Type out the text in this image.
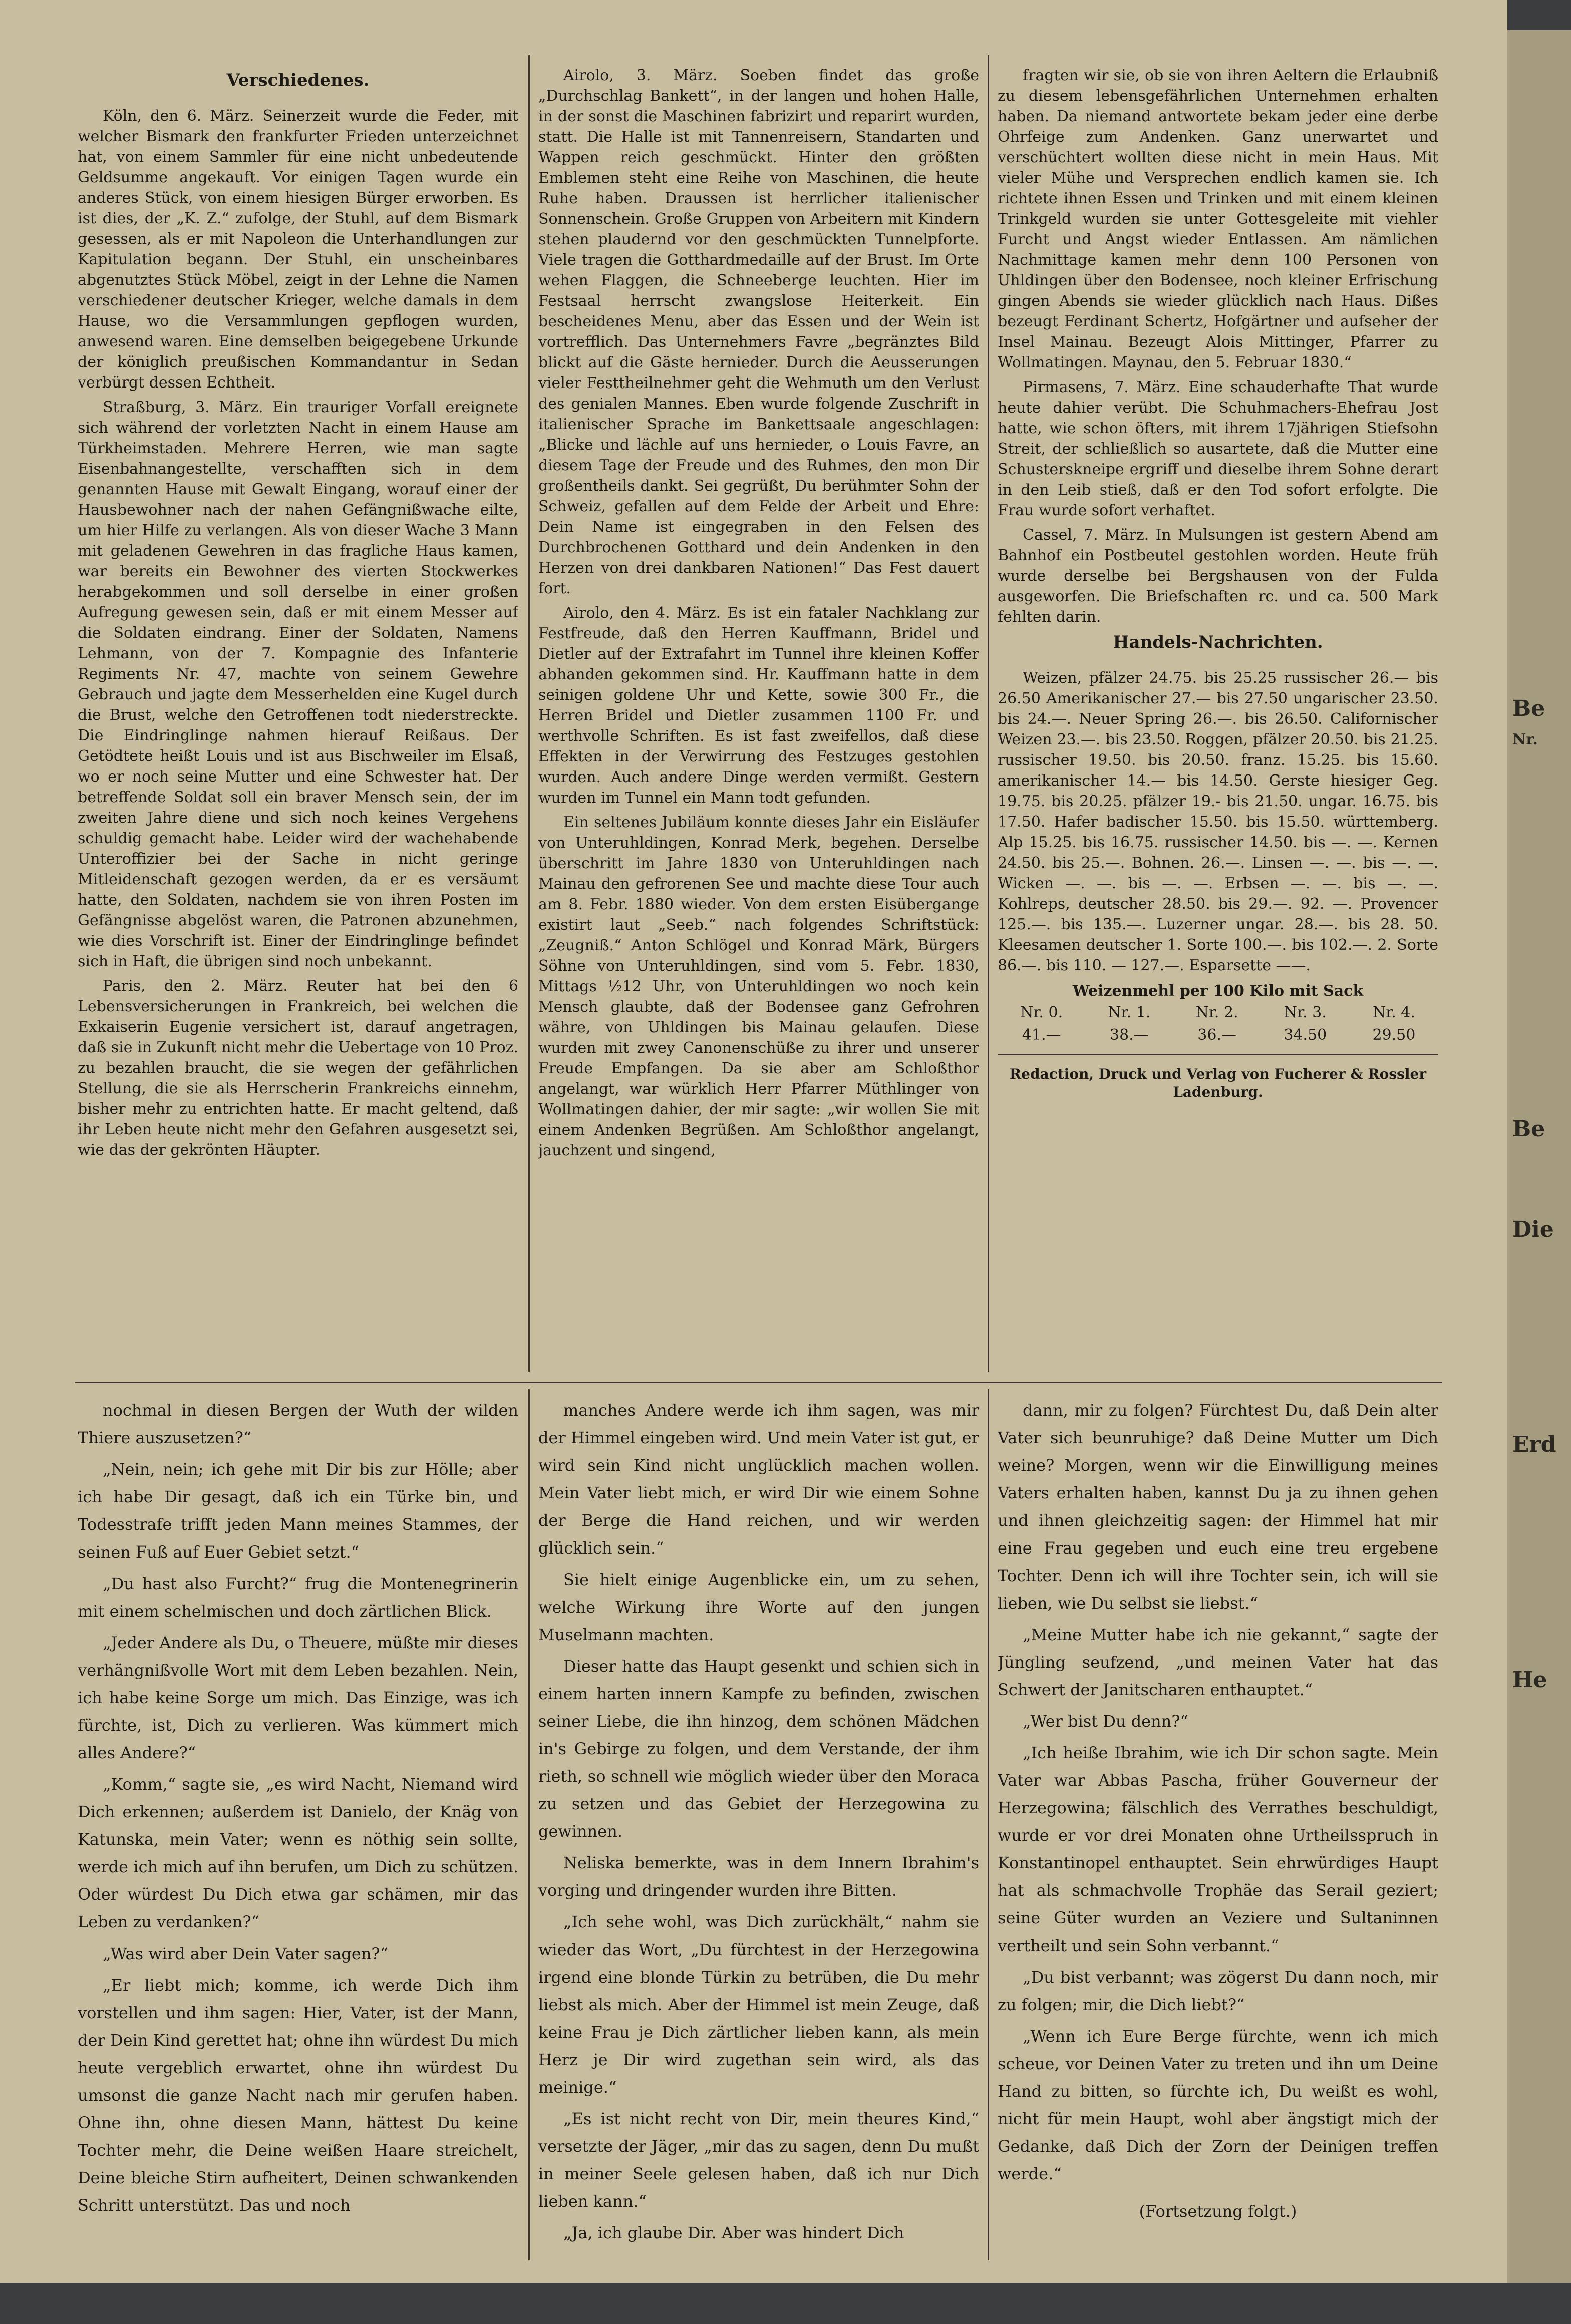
Verschiedenes.

Köln, den 6. März. Seinerzeit wurde die Feder, mit welcher Bismark den frankfurter Frieden unterzeichnet hat, von einem Sammler für eine nicht unbedeutende Geldsumme angekauft. Vor einigen Tagen wurde ein anderes Stück, von einem hiesigen Bürger erworben. Es ist dies, der „K. Z.“ zufolge, der Stuhl, auf dem Bismark gesessen, als er mit Napoleon die Unterhandlungen zur Kapitulation begann. Der Stuhl, ein unscheinbares abgenutztes Stück Möbel, zeigt in der Lehne die Namen verschiedener deutscher Krieger, welche damals in dem Hause, wo die Versammlungen gepflogen wurden, anwesend waren. Eine demselben beigegebene Urkunde der königlich preußischen Kommandantur in Sedan verbürgt dessen Echtheit.

Straßburg, 3. März. Ein trauriger Vorfall ereignete sich während der vorletzten Nacht in einem Hause am Türkheimstaden. Mehrere Herren, wie man sagte Eisenbahnangestellte, verschafften sich in dem genannten Hause mit Gewalt Eingang, worauf einer der Hausbewohner nach der nahen Gefängnißwache eilte, um hier Hilfe zu verlangen. Als von dieser Wache 3 Mann mit geladenen Gewehren in das fragliche Haus kamen, war bereits ein Bewohner des vierten Stockwerkes herabgekommen und soll derselbe in einer großen Aufregung gewesen sein, daß er mit einem Messer auf die Soldaten eindrang. Einer der Soldaten, Namens Lehmann, von der 7. Kompagnie des Infanterie Regiments Nr. 47, machte von seinem Gewehre Gebrauch und jagte dem Messerhelden eine Kugel durch die Brust, welche den Getroffenen todt niederstreckte. Die Eindringlinge nahmen hierauf Reißaus. Der Getödtete heißt Louis und ist aus Bischweiler im Elsaß, wo er noch seine Mutter und eine Schwester hat. Der betreffende Soldat soll ein braver Mensch sein, der im zweiten Jahre diene und sich noch keines Vergehens schuldig gemacht habe. Leider wird der wachehabende Unteroffizier bei der Sache in nicht geringe Mitleidenschaft gezogen werden, da er es versäumt hatte, den Soldaten, nachdem sie von ihren Posten im Gefängnisse abgelöst waren, die Patronen abzunehmen, wie dies Vorschrift ist. Einer der Eindringlinge befindet sich in Haft, die übrigen sind noch unbekannt.

Paris, den 2. März. Reuter hat bei den 6 Lebensversicherungen in Frankreich, bei welchen die Exkaiserin Eugenie versichert ist, darauf angetragen, daß sie in Zukunft nicht mehr die Uebertage von 10 Proz. zu bezahlen braucht, die sie wegen der gefährlichen Stellung, die sie als Herrscherin Frankreichs einnehm, bisher mehr zu entrichten hatte. Er macht geltend, daß ihr Leben heute nicht mehr den Gefahren ausgesetzt sei, wie das der gekrönten Häupter.

Airolo, 3. März. Soeben findet das große „Durchschlag Bankett“, in der langen und hohen Halle, in der sonst die Maschinen fabrizirt und reparirt wurden, statt. Die Halle ist mit Tannenreisern, Standarten und Wappen reich geschmückt. Hinter den größten Emblemen steht eine Reihe von Maschinen, die heute Ruhe haben. Draussen ist herrlicher italienischer Sonnenschein. Große Gruppen von Arbeitern mit Kindern stehen plaudernd vor den geschmückten Tunnelpforte. Viele tragen die Gotthardmedaille auf der Brust. Im Orte wehen Flaggen, die Schneeberge leuchten. Hier im Festsaal herrscht zwangslose Heiterkeit. Ein bescheidenes Menu, aber das Essen und der Wein ist vortrefflich. Das Unternehmers Favre „begränztes Bild blickt auf die Gäste hernieder. Durch die Aeusserungen vieler Festtheilnehmer geht die Wehmuth um den Verlust des genialen Mannes. Eben wurde folgende Zuschrift in italienischer Sprache im Bankettsaale angeschlagen: „Blicke und lächle auf uns hernieder, o Louis Favre, an diesem Tage der Freude und des Ruhmes, den mon Dir großentheils dankt. Sei gegrüßt, Du berühmter Sohn der Schweiz, gefallen auf dem Felde der Arbeit und Ehre: Dein Name ist eingegraben in den Felsen des Durchbrochenen Gotthard und dein Andenken in den Herzen von drei dankbaren Nationen!“ Das Fest dauert fort.

Airolo, den 4. März. Es ist ein fataler Nachklang zur Festfreude, daß den Herren Kauffmann, Bridel und Dietler auf der Extrafahrt im Tunnel ihre kleinen Koffer abhanden gekommen sind. Hr. Kauffmann hatte in dem seinigen goldene Uhr und Kette, sowie 300 Fr., die Herren Bridel und Dietler zusammen 1100 Fr. und werthvolle Schriften. Es ist fast zweifellos, daß diese Effekten in der Verwirrung des Festzuges gestohlen wurden. Auch andere Dinge werden vermißt. Gestern wurden im Tunnel ein Mann todt gefunden.

Ein seltenes Jubiläum konnte dieses Jahr ein Eisläufer von Unteruhldingen, Konrad Merk, begehen. Derselbe überschritt im Jahre 1830 von Unteruhldingen nach Mainau den gefrorenen See und machte diese Tour auch am 8. Febr. 1880 wieder. Von dem ersten Eisübergange existirt laut „Seeb.“ nach folgendes Schriftstück: „Zeugniß.“ Anton Schlögel und Konrad Märk, Bürgers Söhne von Unteruhldingen, sind vom 5. Febr. 1830, Mittags ½12 Uhr, von Unteruhldingen wo noch kein Mensch glaubte, daß der Bodensee ganz Gefrohren währe, von Uhldingen bis Mainau gelaufen. Diese wurden mit zwey Canonenschüße zu ihrer und unserer Freude Empfangen. Da sie aber am Schloßthor angelangt, war würklich Herr Pfarrer Müthlinger von Wollmatingen dahier, der mir sagte: „wir wollen Sie mit einem Andenken Begrüßen. Am Schloßthor angelangt, jauchzent und singend,

fragten wir sie, ob sie von ihren Aeltern die Erlaubniß zu diesem lebensgefährlichen Unternehmen erhalten haben. Da niemand antwortete bekam jeder eine derbe Ohrfeige zum Andenken. Ganz unerwartet und verschüchtert wollten diese nicht in mein Haus. Mit vieler Mühe und Versprechen endlich kamen sie. Ich richtete ihnen Essen und Trinken und mit einem kleinen Trinkgeld wurden sie unter Gottesgeleite mit viehler Furcht und Angst wieder Entlassen. Am nämlichen Nachmittage kamen mehr denn 100 Personen von Uhldingen über den Bodensee, noch kleiner Erfrischung gingen Abends sie wieder glücklich nach Haus. Dißes bezeugt Ferdinant Schertz, Hofgärtner und aufseher der Insel Mainau. Bezeugt Alois Mittinger, Pfarrer zu Wollmatingen. Maynau, den 5. Februar 1830.“

Pirmasens, 7. März. Eine schauderhafte That wurde heute dahier verübt. Die Schuhmachers-Ehefrau Jost hatte, wie schon öfters, mit ihrem 17jährigen Stiefsohn Streit, der schließlich so ausartete, daß die Mutter eine Schusterskneipe ergriff und dieselbe ihrem Sohne derart in den Leib stieß, daß er den Tod sofort erfolgte. Die Frau wurde sofort verhaftet.

Cassel, 7. März. In Mulsungen ist gestern Abend am Bahnhof ein Postbeutel gestohlen worden. Heute früh wurde derselbe bei Bergshausen von der Fulda ausgeworfen. Die Briefschaften rc. und ca. 500 Mark fehlten darin.

Handels-Nachrichten.

Weizen, pfälzer 24.75. bis 25.25 russischer 26.— bis 26.50 Amerikanischer 27.— bis 27.50 ungarischer 23.50. bis 24.—. Neuer Spring 26.—. bis 26.50. Californischer Weizen 23.—. bis 23.50. Roggen, pfälzer 20.50. bis 21.25. russischer 19.50. bis 20.50. franz. 15.25. bis 15.60. amerikanischer 14.— bis 14.50. Gerste hiesiger Geg. 19.75. bis 20.25. pfälzer 19.- bis 21.50. ungar. 16.75. bis 17.50. Hafer badischer 15.50. bis 15.50. württemberg. Alp 15.25. bis 16.75. russischer 14.50. bis —. —. Kernen 24.50. bis 25.—. Bohnen. 26.—. Linsen —. —. bis —. —. Wicken —. —. bis —. —. Erbsen —. —. bis —. —. Kohlreps, deutscher 28.50. bis 29.—. 92. —. Provencer 125.—. bis 135.—. Luzerner ungar. 28.—. bis 28. 50. Kleesamen deutscher 1. Sorte 100.—. bis 102.—. 2. Sorte 86.—. bis 110. — 127.—. Esparsette ——.

Weizenmehl per 100 Kilo mit Sack
Nr. 0.	Nr. 1.	Nr. 2.	Nr. 3.	Nr. 4.
41.—	38.—	36.—	34.50	29.50
Redaction, Druck und Verlag von Fucherer & Rossler Ladenburg.

nochmal in diesen Bergen der Wuth der wilden Thiere auszusetzen?“

„Nein, nein; ich gehe mit Dir bis zur Hölle; aber ich habe Dir gesagt, daß ich ein Türke bin, und Todesstrafe trifft jeden Mann meines Stammes, der seinen Fuß auf Euer Gebiet setzt.“

„Du hast also Furcht?“ frug die Montenegrinerin mit einem schelmischen und doch zärtlichen Blick.

„Jeder Andere als Du, o Theuere, müßte mir dieses verhängnißvolle Wort mit dem Leben bezahlen. Nein, ich habe keine Sorge um mich. Das Einzige, was ich fürchte, ist, Dich zu verlieren. Was kümmert mich alles Andere?“

„Komm,“ sagte sie, „es wird Nacht, Niemand wird Dich erkennen; außerdem ist Danielo, der Knäg von Katunska, mein Vater; wenn es nöthig sein sollte, werde ich mich auf ihn berufen, um Dich zu schützen. Oder würdest Du Dich etwa gar schämen, mir das Leben zu verdanken?“

„Was wird aber Dein Vater sagen?“

„Er liebt mich; komme, ich werde Dich ihm vorstellen und ihm sagen: Hier, Vater, ist der Mann, der Dein Kind gerettet hat; ohne ihn würdest Du mich heute vergeblich erwartet, ohne ihn würdest Du umsonst die ganze Nacht nach mir gerufen haben. Ohne ihn, ohne diesen Mann, hättest Du keine Tochter mehr, die Deine weißen Haare streichelt, Deine bleiche Stirn aufheitert, Deinen schwankenden Schritt unterstützt. Das und noch

manches Andere werde ich ihm sagen, was mir der Himmel eingeben wird. Und mein Vater ist gut, er wird sein Kind nicht unglücklich machen wollen. Mein Vater liebt mich, er wird Dir wie einem Sohne der Berge die Hand reichen, und wir werden glücklich sein.“

Sie hielt einige Augenblicke ein, um zu sehen, welche Wirkung ihre Worte auf den jungen Muselmann machten.

Dieser hatte das Haupt gesenkt und schien sich in einem harten innern Kampfe zu befinden, zwischen seiner Liebe, die ihn hinzog, dem schönen Mädchen in's Gebirge zu folgen, und dem Verstande, der ihm rieth, so schnell wie möglich wieder über den Moraca zu setzen und das Gebiet der Herzegowina zu gewinnen.

Neliska bemerkte, was in dem Innern Ibrahim's vorging und dringender wurden ihre Bitten.

„Ich sehe wohl, was Dich zurückhält,“ nahm sie wieder das Wort, „Du fürchtest in der Herzegowina irgend eine blonde Türkin zu betrüben, die Du mehr liebst als mich. Aber der Himmel ist mein Zeuge, daß keine Frau je Dich zärtlicher lieben kann, als mein Herz je Dir wird zugethan sein wird, als das meinige.“

„Es ist nicht recht von Dir, mein theures Kind,“ versetzte der Jäger, „mir das zu sagen, denn Du mußt in meiner Seele gelesen haben, daß ich nur Dich lieben kann.“

„Ja, ich glaube Dir. Aber was hindert Dich

dann, mir zu folgen? Fürchtest Du, daß Dein alter Vater sich beunruhige? daß Deine Mutter um Dich weine? Morgen, wenn wir die Einwilligung meines Vaters erhalten haben, kannst Du ja zu ihnen gehen und ihnen gleichzeitig sagen: der Himmel hat mir eine Frau gegeben und euch eine treu ergebene Tochter. Denn ich will ihre Tochter sein, ich will sie lieben, wie Du selbst sie liebst.“

„Meine Mutter habe ich nie gekannt,“ sagte der Jüngling seufzend, „und meinen Vater hat das Schwert der Janitscharen enthauptet.“

„Wer bist Du denn?“

„Ich heiße Ibrahim, wie ich Dir schon sagte. Mein Vater war Abbas Pascha, früher Gouverneur der Herzegowina; fälschlich des Verrathes beschuldigt, wurde er vor drei Monaten ohne Urtheilsspruch in Konstantinopel enthauptet. Sein ehrwürdiges Haupt hat als schmachvolle Trophäe das Serail geziert; seine Güter wurden an Veziere und Sultaninnen vertheilt und sein Sohn verbannt.“

„Du bist verbannt; was zögerst Du dann noch, mir zu folgen; mir, die Dich liebt?“

„Wenn ich Eure Berge fürchte, wenn ich mich scheue, vor Deinen Vater zu treten und ihn um Deine Hand zu bitten, so fürchte ich, Du weißt es wohl, nicht für mein Haupt, wohl aber ängstigt mich der Gedanke, daß Dich der Zorn der Deinigen treffen werde.“

(Fortsetzung folgt.)
Be
Nr.
Be
Erd
He
Die
